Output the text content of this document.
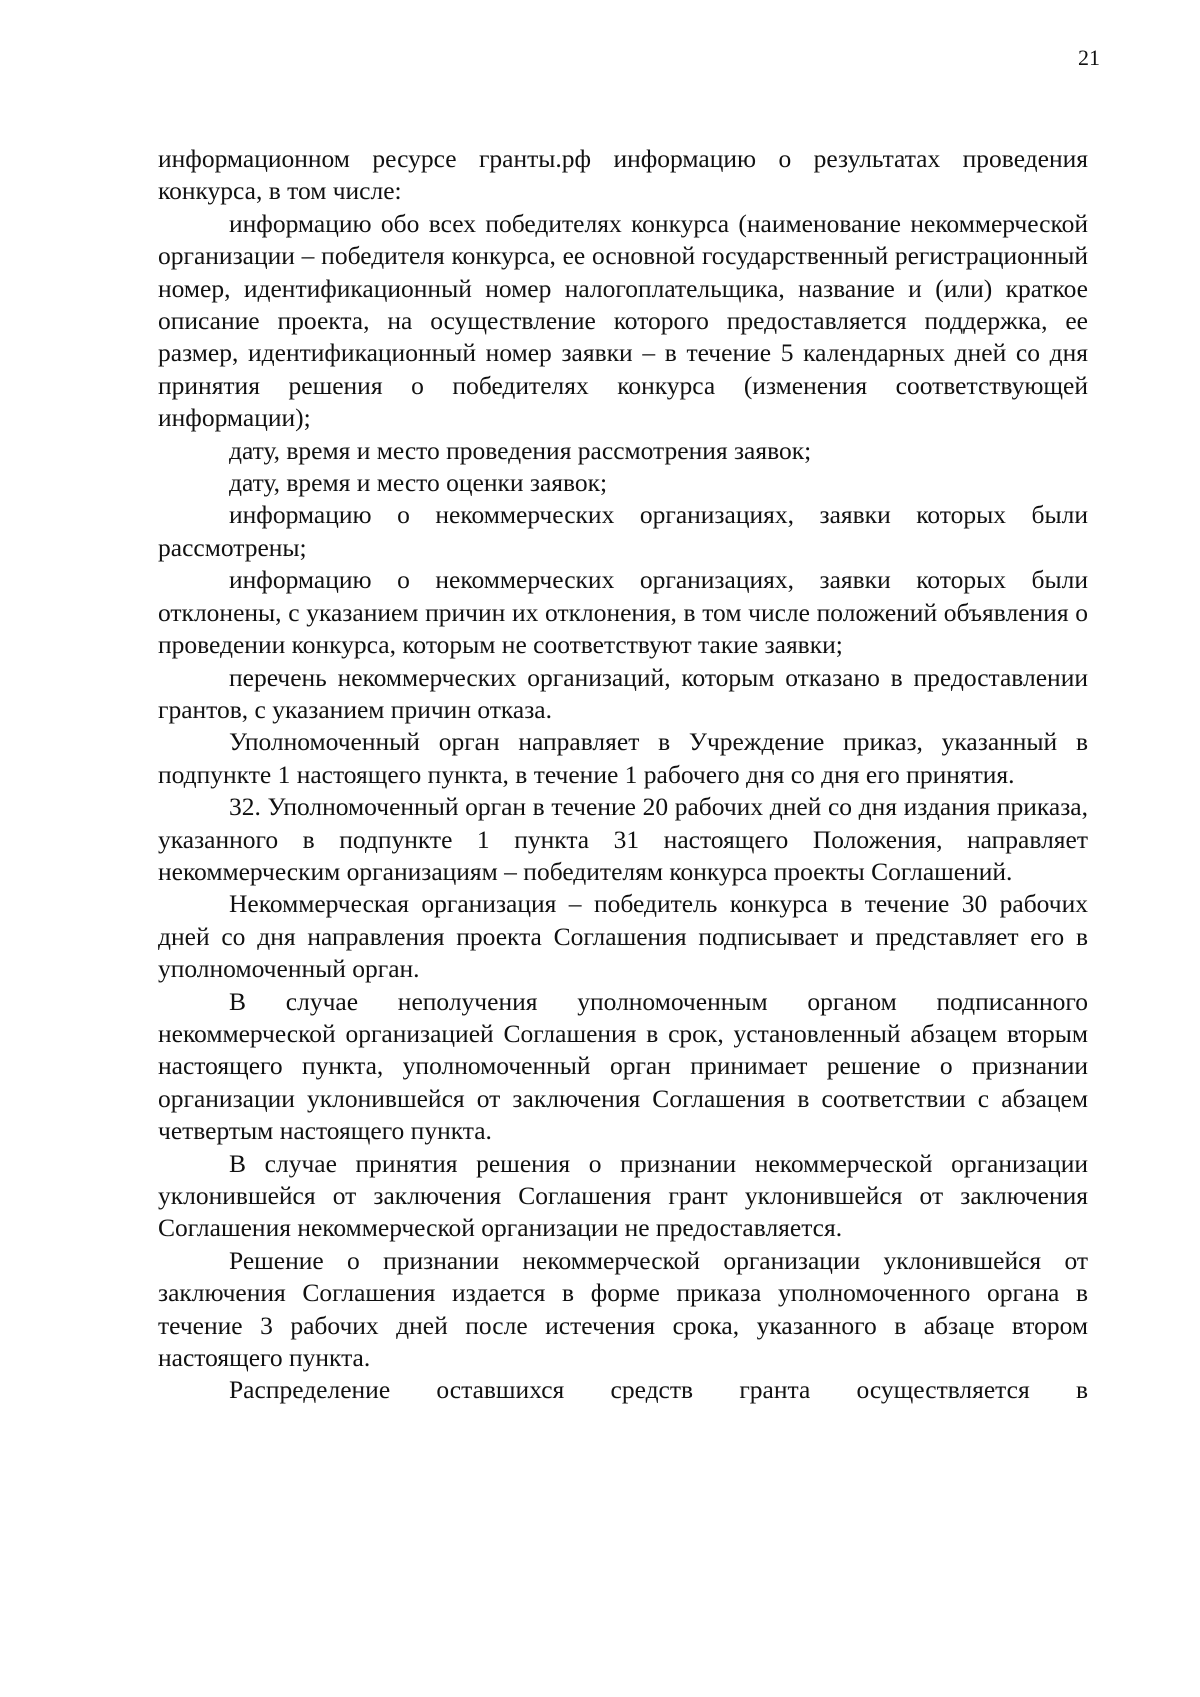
21

информационном ресурсе гранты.рф информацию о результатах проведения конкурса, в том числе:

информацию обо всех победителях конкурса (наименование некоммерческой организации – победителя конкурса, ее основной государственный регистрационный номер, идентификационный номер налогоплательщика, название и (или) краткое описание проекта, на осуществление которого предоставляется поддержка, ее размер, идентификационный номер заявки – в течение 5 календарных дней со дня принятия решения о победителях конкурса (изменения соответствующей информации);

дату, время и место проведения рассмотрения заявок;

дату, время и место оценки заявок;

информацию о некоммерческих организациях, заявки которых были рассмотрены;

информацию о некоммерческих организациях, заявки которых были отклонены, с указанием причин их отклонения, в том числе положений объявления о проведении конкурса, которым не соответствуют такие заявки;

перечень некоммерческих организаций, которым отказано в предоставлении грантов, с указанием причин отказа.

Уполномоченный орган направляет в Учреждение приказ, указанный в подпункте 1 настоящего пункта, в течение 1 рабочего дня со дня его принятия.

32. Уполномоченный орган в течение 20 рабочих дней со дня издания приказа, указанного в подпункте 1 пункта 31 настоящего Положения, направляет некоммерческим организациям – победителям конкурса проекты Соглашений.

Некоммерческая организация – победитель конкурса в течение 30 рабочих дней со дня направления проекта Соглашения подписывает и представляет его в уполномоченный орган.

В случае неполучения уполномоченным органом подписанного некоммерческой организацией Соглашения в срок, установленный абзацем вторым настоящего пункта, уполномоченный орган принимает решение о признании организации уклонившейся от заключения Соглашения в соответствии с абзацем четвертым настоящего пункта.

В случае принятия решения о признании некоммерческой организации уклонившейся от заключения Соглашения грант уклонившейся от заключения Соглашения некоммерческой организации не предоставляется.

Решение о признании некоммерческой организации уклонившейся от заключения Соглашения издается в форме приказа уполномоченного органа в течение 3 рабочих дней после истечения срока, указанного в абзаце втором настоящего пункта.

Распределение оставшихся средств гранта осуществляется в
